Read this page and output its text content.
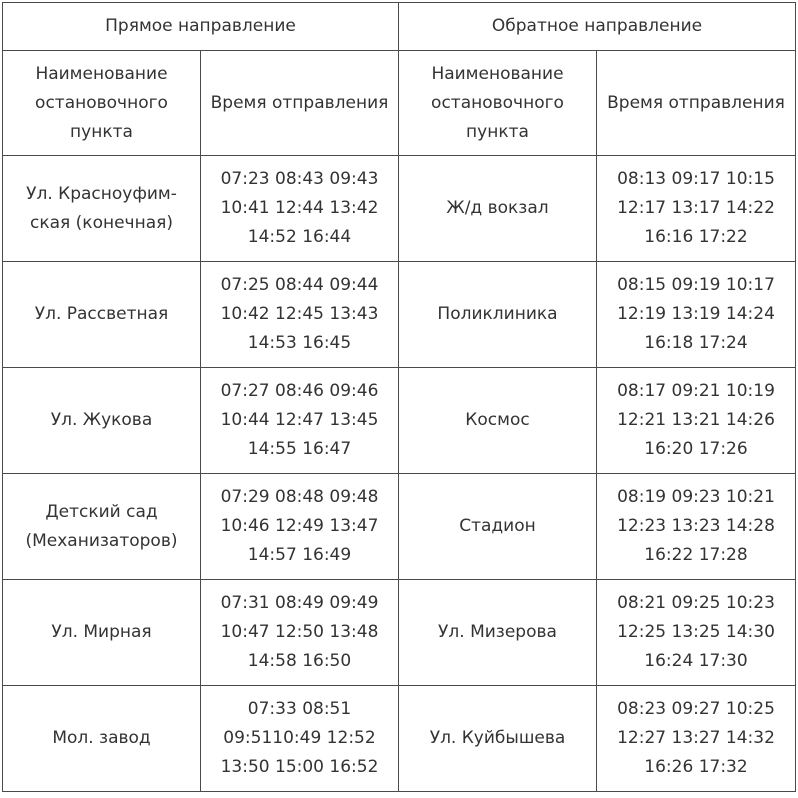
Прямое направление		Обратное направление	
Наименование
остановочного
пункта	Время отправления	Наименование
остановочного
пункта	Время отправления
Ул. Красноуфим-
ская (конечная)	07:23 08:43 09:43
10:41 12:44 13:42
14:52 16:44	Ж/д вокзал	08:13 09:17 10:15
12:17 13:17 14:22
16:16 17:22
Ул. Рассветная	07:25 08:44 09:44
10:42 12:45 13:43
14:53 16:45	Поликлиника	08:15 09:19 10:17
12:19 13:19 14:24
16:18 17:24
Ул. Жукова	07:27 08:46 09:46
10:44 12:47 13:45
14:55 16:47	Космос	08:17 09:21 10:19
12:21 13:21 14:26
16:20 17:26
Детский сад
(Механизаторов)	07:29 08:48 09:48
10:46 12:49 13:47
14:57 16:49	Стадион	08:19 09:23 10:21
12:23 13:23 14:28
16:22 17:28
Ул. Мирная	07:31 08:49 09:49
10:47 12:50 13:48
14:58 16:50	Ул. Мизерова	08:21 09:25 10:23
12:25 13:25 14:30
16:24 17:30
Мол. завод	07:33 08:51
09:5110:49 12:52
13:50 15:00 16:52	Ул. Куйбышева	08:23 09:27 10:25
12:27 13:27 14:32
16:26 17:32
